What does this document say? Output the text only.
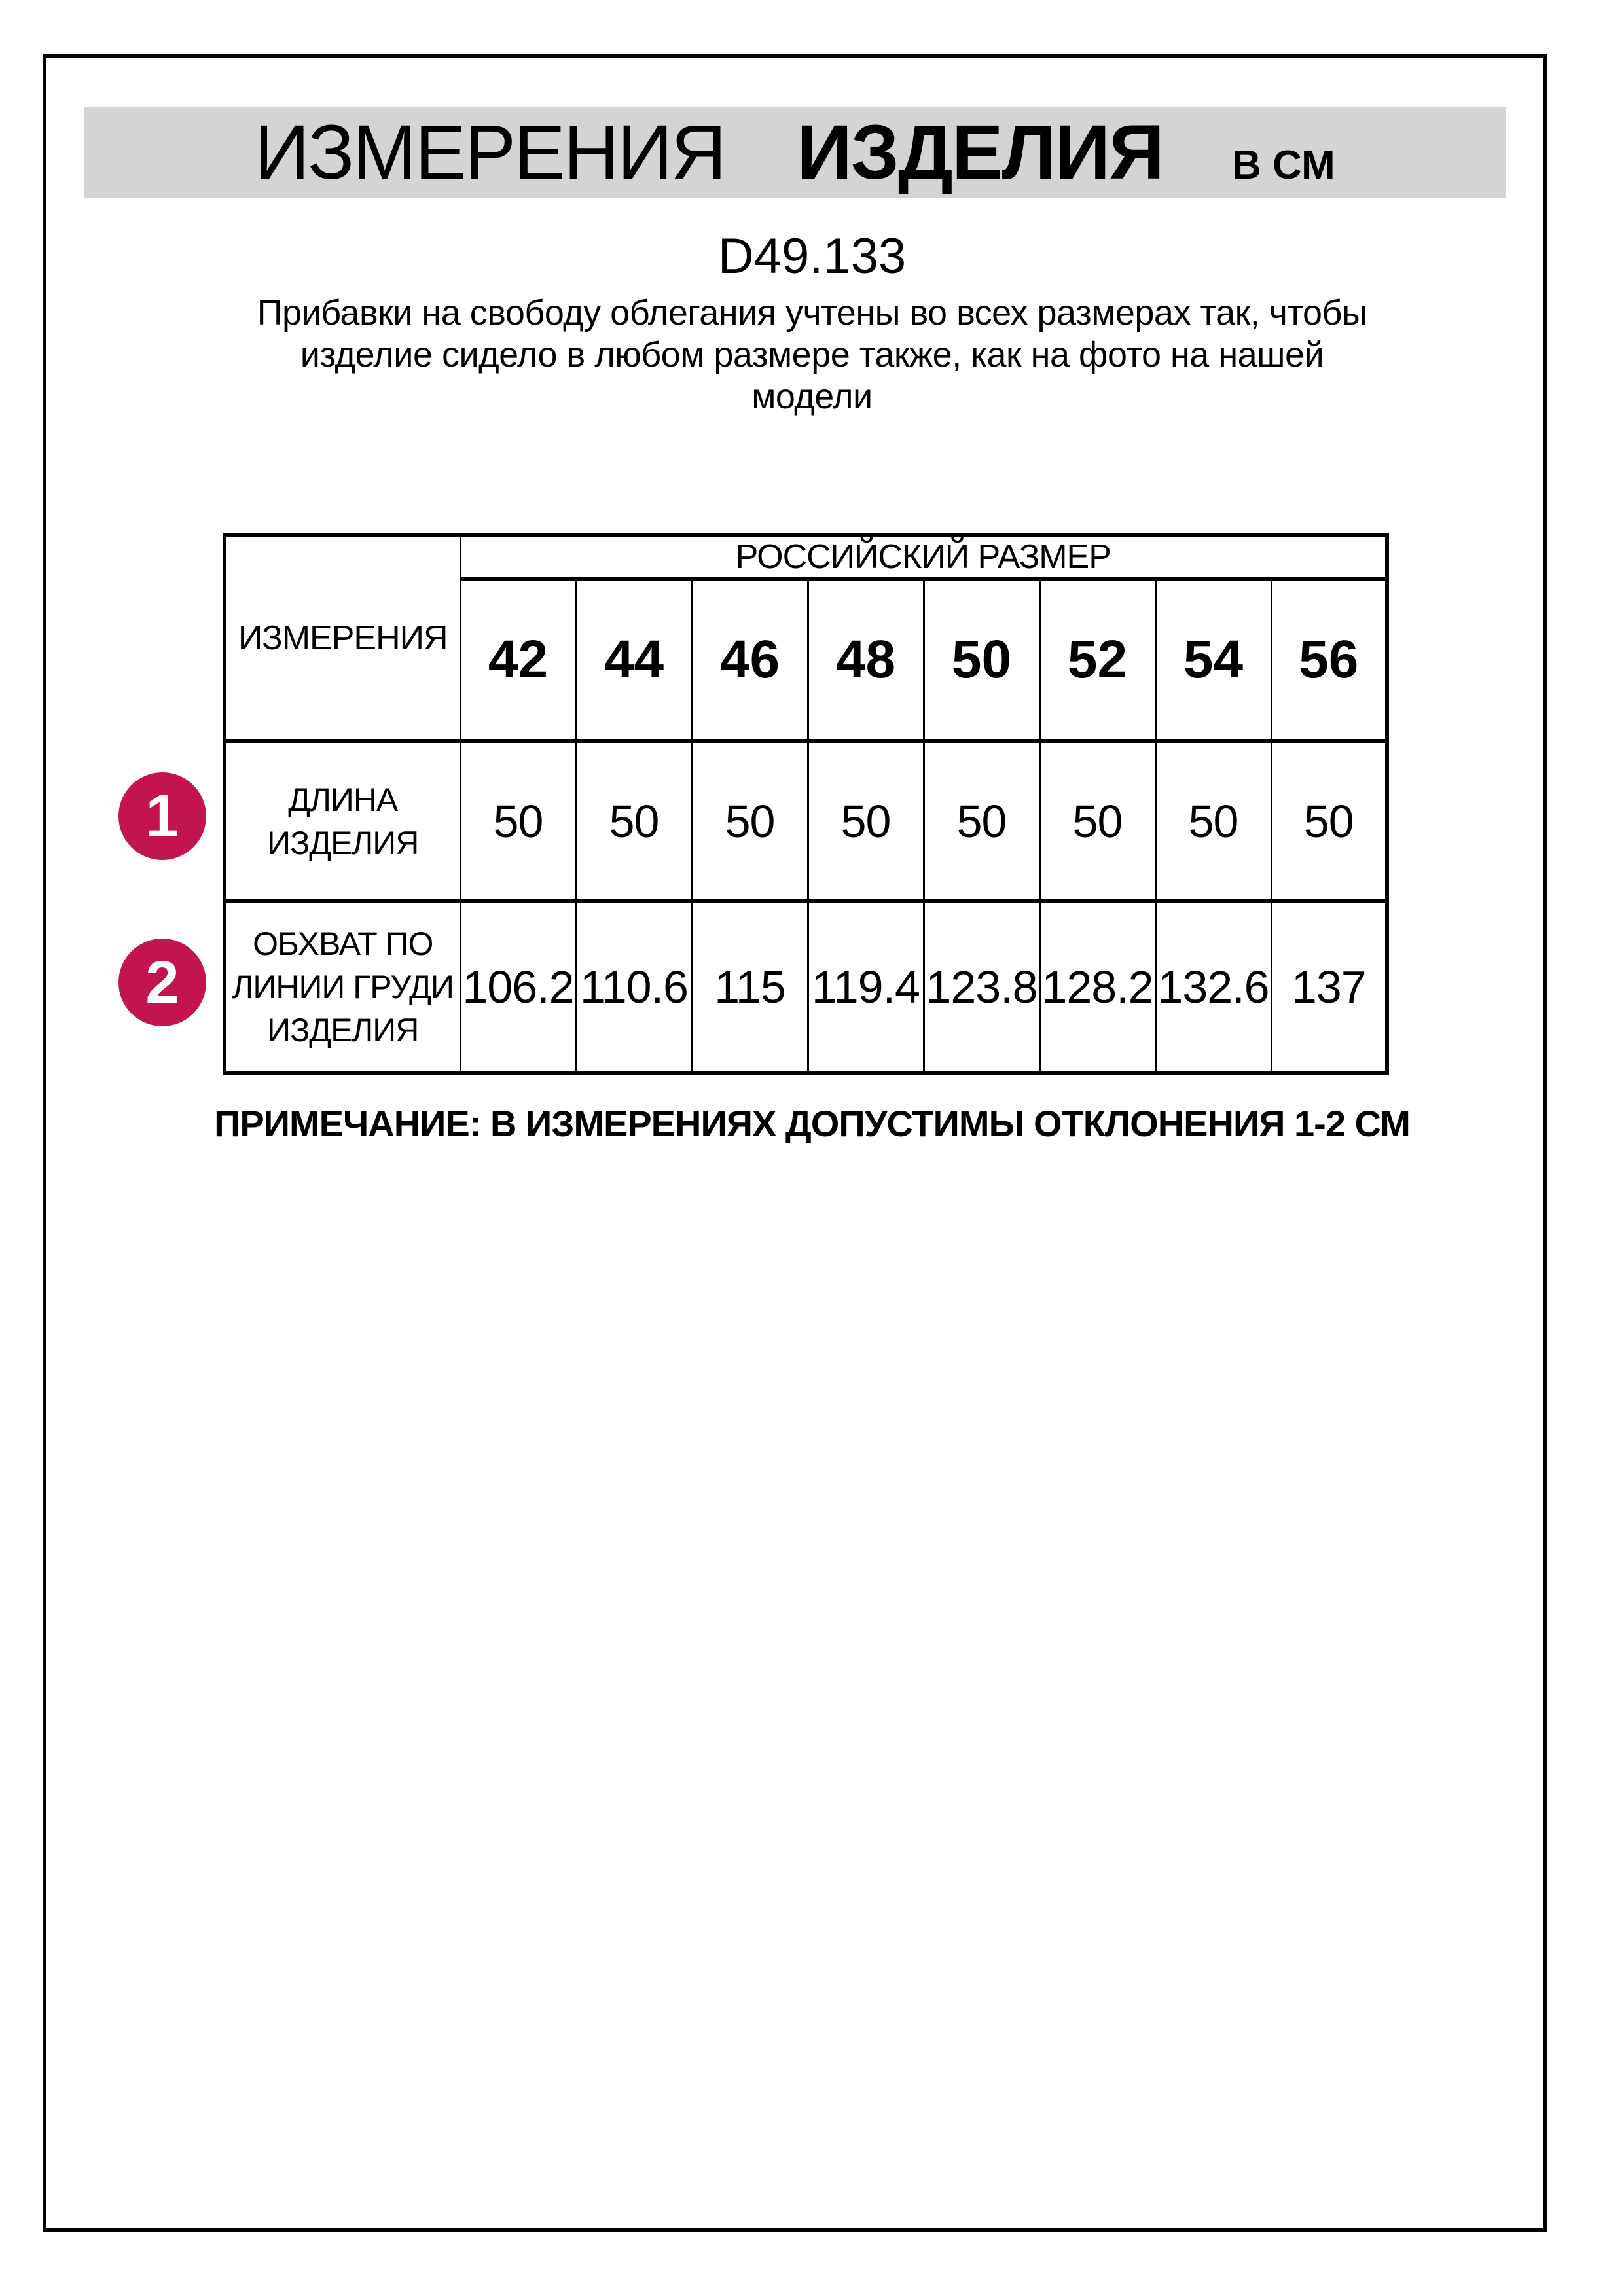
ИЗМЕРЕНИЯ ИЗДЕЛИЯ В СМ
D49.133
Прибавки на свободу облегания учтены во всех размерах так, чтобы
изделие сидело в любом размере также, как на фото на нашей
модели
ИЗМЕРЕНИЯ	РОССИЙСКИЙ РАЗМЕР							
	42	44	46	48	50	52	54	56
ДЛИНА
ИЗДЕЛИЯ	50	50	50	50	50	50	50	50
ОБХВАТ ПО
ЛИНИИ ГРУДИ
ИЗДЕЛИЯ	106.2	110.6	115	119.4	123.8	128.2	132.6	137
1
2
ПРИМЕЧАНИЕ: В ИЗМЕРЕНИЯХ ДОПУСТИМЫ ОТКЛОНЕНИЯ 1-2 СМ
